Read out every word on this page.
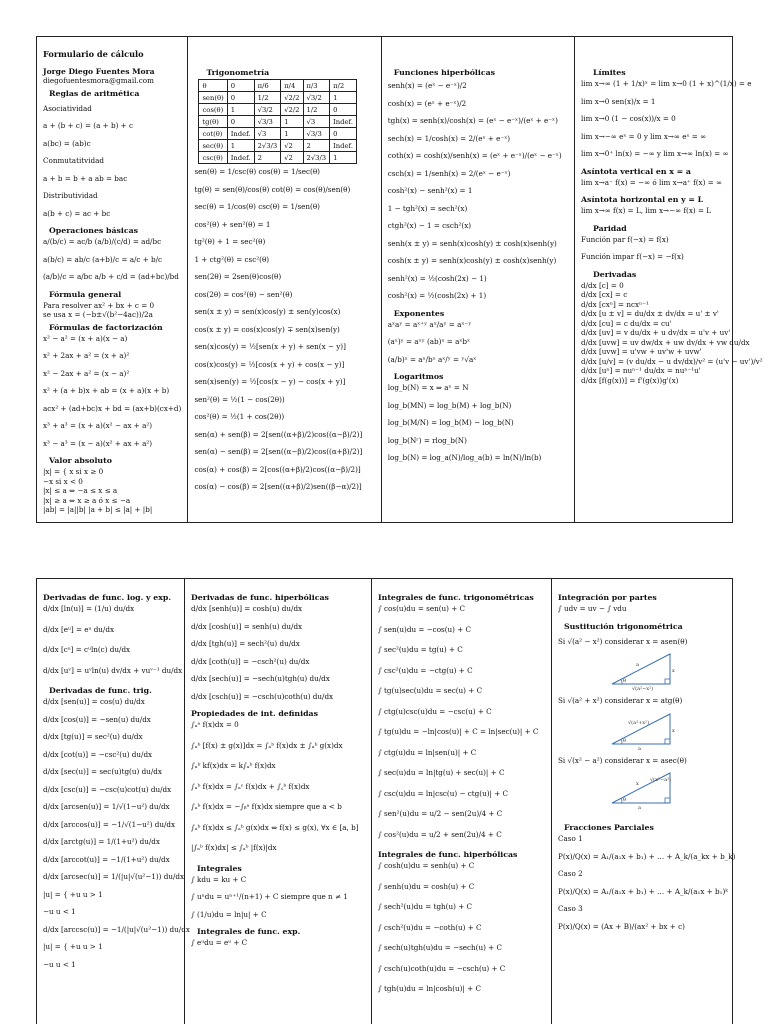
Formulario de cálculo
Jorge Diego Fuentes Mora
diegofuentesmora@gmail.com
Reglas de aritmética
Asociatividad
a + (b + c) = (a + b) + c
a(bc) = (ab)c
Conmutatitvidad
a + b = b + a ab = bac
Distributividad
a(b + c) = ac + bc
Operaciones básicas
a/(b/c) = ac/b (a/b)/(c/d) = ad/bc
a(b/c) = ab/c (a+b)/c = a/c + b/c
(a/b)/c = a/bc a/b + c/d = (ad+bc)/bd
Fórmula general
Para resolver ax² + bx + c = 0
se usa x = (−b±√(b²−4ac))/2a
Fórmulas de factorización
x² − a² = (x + a)(x − a)
x² + 2ax + a² = (x + a)²
x² − 2ax + a² = (x − a)²
x² + (a + b)x + ab = (x + a)(x + b)
acx² + (ad+bc)x + bd = (ax+b)(cx+d)
x³ + a³ = (x + a)(x² − ax + a²)
x³ − a³ = (x − a)(x² + ax + a²)
Valor absoluto
|x| = { x si x ≥ 0
−x si x < 0
|x| ≤ a ⇔ −a ≤ x ≤ a
|x| ≥ a ⇔ x ≥ a ó x ≤ −a
|ab| = |a||b| |a + b| ≤ |a| + |b|
Trigonometría
θ	0	π/6	π/4	π/3	π/2
sen(θ)	0	1/2	√2/2	√3/2	1
cos(θ)	1	√3/2	√2/2	1/2	0
tg(θ)	0	√3/3	1	√3	Indef.
cot(θ)	Indef.	√3	1	√3/3	0
sec(θ)	1	2√3/3	√2	2	Indef.
csc(θ)	Indef.	2	√2	2√3/3	1
sen(θ) = 1/csc(θ) cos(θ) = 1/sec(θ)
tg(θ) = sen(θ)/cos(θ) cot(θ) = cos(θ)/sen(θ)
sec(θ) = 1/cos(θ) csc(θ) = 1/sen(θ)
cos²(θ) + sen²(θ) = 1
tg²(θ) + 1 = sec²(θ)
1 + ctg²(θ) = csc²(θ)
sen(2θ) = 2sen(θ)cos(θ)
cos(2θ) = cos²(θ) − sen²(θ)
sen(x ± y) = sen(x)cos(y) ± sen(y)cos(x)
cos(x ± y) = cos(x)cos(y) ∓ sen(x)sen(y)
sen(x)cos(y) = ½[sen(x + y) + sen(x − y)]
cos(x)cos(y) = ½[cos(x + y) + cos(x − y)]
sen(x)sen(y) = ½[cos(x − y) − cos(x + y)]
sen²(θ) = ½(1 − cos(2θ))
cos²(θ) = ½(1 + cos(2θ))
sen(α) + sen(β) = 2[sen((α+β)/2)cos((α−β)/2)]
sen(α) − sen(β) = 2[sen((α−β)/2)cos((α+β)/2)]
cos(α) + cos(β) = 2[cos((α+β)/2)cos((α−β)/2)]
cos(α) − cos(β) = 2[sen((α+β)/2)sen((β−α)/2)]
Funciones hiperbólicas
senh(x) = (eˣ − e⁻ˣ)/2
cosh(x) = (eˣ + e⁻ˣ)/2
tgh(x) = senh(x)/cosh(x) = (eˣ − e⁻ˣ)/(eˣ + e⁻ˣ)
sech(x) = 1/cosh(x) = 2/(eˣ + e⁻ˣ)
coth(x) = cosh(x)/senh(x) = (eˣ + e⁻ˣ)/(eˣ − e⁻ˣ)
csch(x) = 1/senh(x) = 2/(eˣ − e⁻ˣ)
cosh²(x) − senh²(x) = 1
1 − tgh²(x) = sech²(x)
ctgh²(x) − 1 = csch²(x)
senh(x ± y) = senh(x)cosh(y) ± cosh(x)senh(y)
cosh(x ± y) = senh(x)cosh(y) ± cosh(x)senh(y)
senh²(x) = ½(cosh(2x) − 1)
cosh²(x) = ½(cosh(2x) + 1)
Exponentes
aˣaʸ = aˣ⁺ʸ aˣ/aʸ = aˣ⁻ʸ
(aˣ)ʸ = aˣʸ (ab)ˣ = aˣbˣ
(a/b)ˣ = aˣ/bˣ aˣ/ʸ = ʸ√aˣ
Logaritmos
log_b(N) = x ⇒ aˣ = N
log_b(MN) = log_b(M) + log_b(N)
log_b(M/N) = log_b(M) − log_b(N)
log_b(Nʳ) = rlog_b(N)
log_b(N) = log_a(N)/log_a(b) = ln(N)/ln(b)
Límites
lim x→∞ (1 + 1/x)ˣ = lim x→0 (1 + x)^(1/x) = e
lim x→0 sen(x)/x = 1
lim x→0 (1 − cos(x))/x = 0
lim x→−∞ eˣ = 0 y lim x→∞ eˣ = ∞
lim x→0⁺ ln(x) = −∞ y lim x→∞ ln(x) = ∞
Asíntota vertical en x = a
lim x→a⁻ f(x) = −∞ ó lim x→a⁺ f(x) = ∞
Asíntota horizontal en y = L
lim x→∞ f(x) = L, lim x→−∞ f(x) = L
Paridad
Función par f(−x) = f(x)
Función impar f(−x) = −f(x)
Derivadas
d/dx [c] = 0
d/dx [cx] = c
d/dx [cxⁿ] = ncxⁿ⁻¹
d/dx [u ± v] = du/dx ± dv/dx = u' ± v'
d/dx [cu] = c du/dx = cu'
d/dx [uv] = v du/dx + u dv/dx = u'v + uv'
d/dx [uvw] = uv dw/dx + uw dv/dx + vw du/dx
d/dx [uvw] = u'vw + uv'w + uvw'
d/dx [u/v] = (v du/dx − u dv/dx)/v² = (u'v − uv')/v²
d/dx [uⁿ] = nuⁿ⁻¹ du/dx = nuⁿ⁻¹u'
d/dx [f(g(x))] = f'(g(x))g'(x)
Derivadas de func. log. y exp.
d/dx [ln(u)] = (1/u) du/dx
d/dx [eᵘ] = eᵘ du/dx
d/dx [cᵘ] = cᵘln(c) du/dx
d/dx [uᵛ] = uᵛln(u) dv/dx + vuᵛ⁻¹ du/dx
Derivadas de func. trig.
d/dx [sen(u)] = cos(u) du/dx
d/dx [cos(u)] = −sen(u) du/dx
d/dx [tg(u)] = sec²(u) du/dx
d/dx [cot(u)] = −csc²(u) du/dx
d/dx [sec(u)] = sec(u)tg(u) du/dx
d/dx [csc(u)] = −csc(u)cot(u) du/dx
d/dx [arcsen(u)] = 1/√(1−u²) du/dx
d/dx [arccos(u)] = −1/√(1−u²) du/dx
d/dx [arctg(u)] = 1/(1+u²) du/dx
d/dx [arccot(u)] = −1/(1+u²) du/dx
d/dx [arcsec(u)] = 1/(|u|√(u²−1)) du/dx
|u| = { +u u > 1
−u u < 1
d/dx [arccsc(u)] = −1/(|u|√(u²−1)) du/dx
|u| = { +u u > 1
−u u < 1
Derivadas de func. hiperbólicas
d/dx [senh(u)] = cosh(u) du/dx
d/dx [cosh(u)] = senh(u) du/dx
d/dx [tgh(u)] = sech²(u) du/dx
d/dx [coth(u)] = −csch²(u) du/dx
d/dx [sech(u)] = −sech(u)tgh(u) du/dx
d/dx [csch(u)] = −csch(u)coth(u) du/dx
Propiedades de int. definidas
∫ₐᵃ f(x)dx = 0
∫ₐᵇ [f(x) ± g(x)]dx = ∫ₐᵇ f(x)dx ± ∫ₐᵇ g(x)dx
∫ₐᵇ kf(x)dx = k∫ₐᵇ f(x)dx
∫ₐᵇ f(x)dx = ∫ₐᶜ f(x)dx + ∫꜀ᵇ f(x)dx
∫ₐᵇ f(x)dx = −∫ᵦᵃ f(x)dx siempre que a < b
∫ₐᵇ f(x)dx ≤ ∫ₐᵇ g(x)dx ⇔ f(x) ≤ g(x), ∀x ∈ [a, b]
|∫ₐᵇ f(x)dx| ≤ ∫ₐᵇ |f(x)|dx
Integrales
∫ kdu = ku + C
∫ uⁿdu = uⁿ⁺¹/(n+1) + C siempre que n ≠ 1
∫ (1/u)du = ln|u| + C
Integrales de func. exp.
∫ eᵘdu = eᵘ + C
Integrales de func. trigonométricas
∫ cos(u)du = sen(u) + C
∫ sen(u)du = −cos(u) + C
∫ sec²(u)du = tg(u) + C
∫ csc²(u)du = −ctg(u) + C
∫ tg(u)sec(u)du = sec(u) + C
∫ ctg(u)csc(u)du = −csc(u) + C
∫ tg(u)du = −ln|cos(u)| + C = ln|sec(u)| + C
∫ ctg(u)du = ln|sen(u)| + C
∫ sec(u)du = ln|tg(u) + sec(u)| + C
∫ csc(u)du = ln|csc(u) − ctg(u)| + C
∫ sen²(u)du = u/2 − sen(2u)/4 + C
∫ cos²(u)du = u/2 + sen(2u)/4 + C
Integrales de func. hiperbólicas
∫ cosh(u)du = senh(u) + C
∫ senh(u)du = cosh(u) + C
∫ sech²(u)du = tgh(u) + C
∫ csch²(u)du = −coth(u) + C
∫ sech(u)tgh(u)du = −sech(u) + C
∫ csch(u)coth(u)du = −csch(u) + C
∫ tgh(u)du = ln|cosh(u)| + C
Integración por partes
∫ udv = uv − ∫ vdu
Sustitución trigonométrica
Si √(a² − x²) considerar x = asen(θ)
a
x
√(a²−x²)
θ
Si √(a² + x²) considerar x = atg(θ)
√(a²+x²)
x
a
θ
Si √(x² − a²) considerar x = asec(θ)
x
√(x²−a²)
a
θ
Fracciones Parciales
Caso 1
P(x)/Q(x) = A₁/(a₁x + b₁) + … + A_k/(a_kx + b_k)
Caso 2
P(x)/Q(x) = A₁/(a₁x + b₁) + … + A_k/(a₁x + b₁)ᵏ
Caso 3
P(x)/Q(x) = (Ax + B)/(ax² + bx + c)
